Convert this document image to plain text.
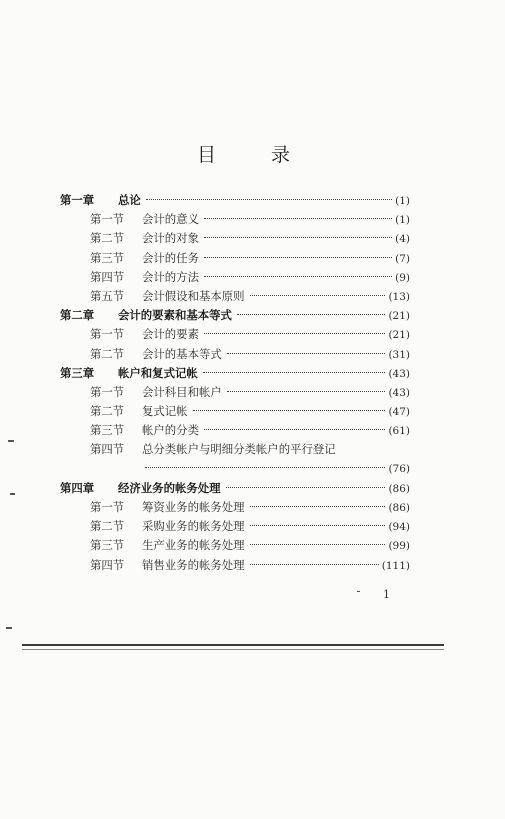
目　录
第一章	总论	(1)
第一节	会计的意义	(1)
第二节	会计的对象	(4)
第三节	会计的任务	(7)
第四节	会计的方法	(9)
第五节	会计假设和基本原则	(13)
第二章	会计的要素和基本等式	(21)
第一节	会计的要素	(21)
第二节	会计的基本等式	(31)
第三章	帐户和复式记帐	(43)
第一节	会计科目和帐户	(43)
第二节	复式记帐	(47)
第三节	帐户的分类	(61)
第四节	总分类帐户与明细分类帐户的平行登记
(76)
第四章	经济业务的帐务处理	(86)
第一节	筹资业务的帐务处理	(86)
第二节	采购业务的帐务处理	(94)
第三节	生产业务的帐务处理	(99)
第四节	销售业务的帐务处理	(111)
1
